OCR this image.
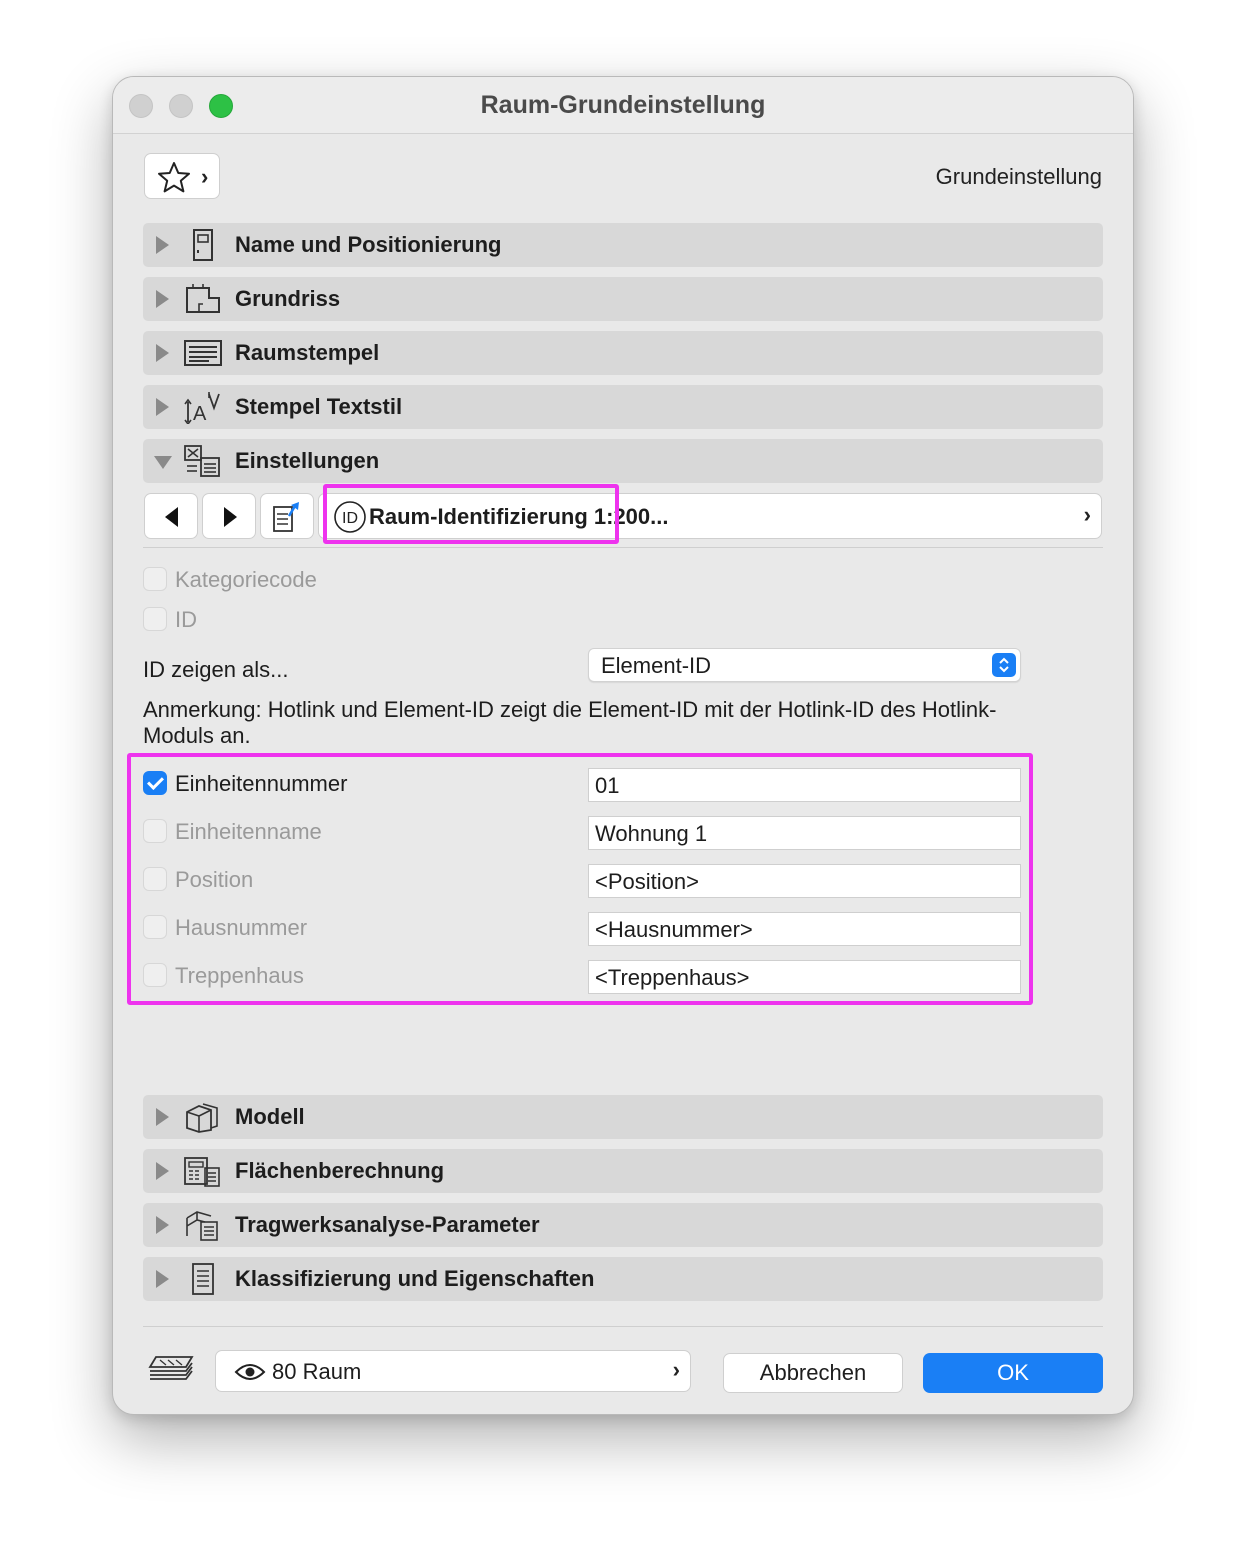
Raum-Grundeinstellung
›	Grundeinstellung
Name und Positionierung
Grundriss
Raumstempel
A Stempel Textstil
Einstellungen
ID Raum-Identifizierung 1:200...	›
Kategoriecode
ID
ID zeigen als...	Element-ID
Anmerkung: Hotlink und Element-ID zeigt die Element-ID mit der Hotlink-ID des Hotlink-Moduls an.
Einheitennummer	01
Einheitenname	Wohnung 1
Position	<Position>
Hausnummer	<Hausnummer>
Treppenhaus	<Treppenhaus>
Modell
Flächenberechnung
Tragwerksanalyse-Parameter
Klassifizierung und Eigenschaften
80 Raum	›	Abbrechen	OK
